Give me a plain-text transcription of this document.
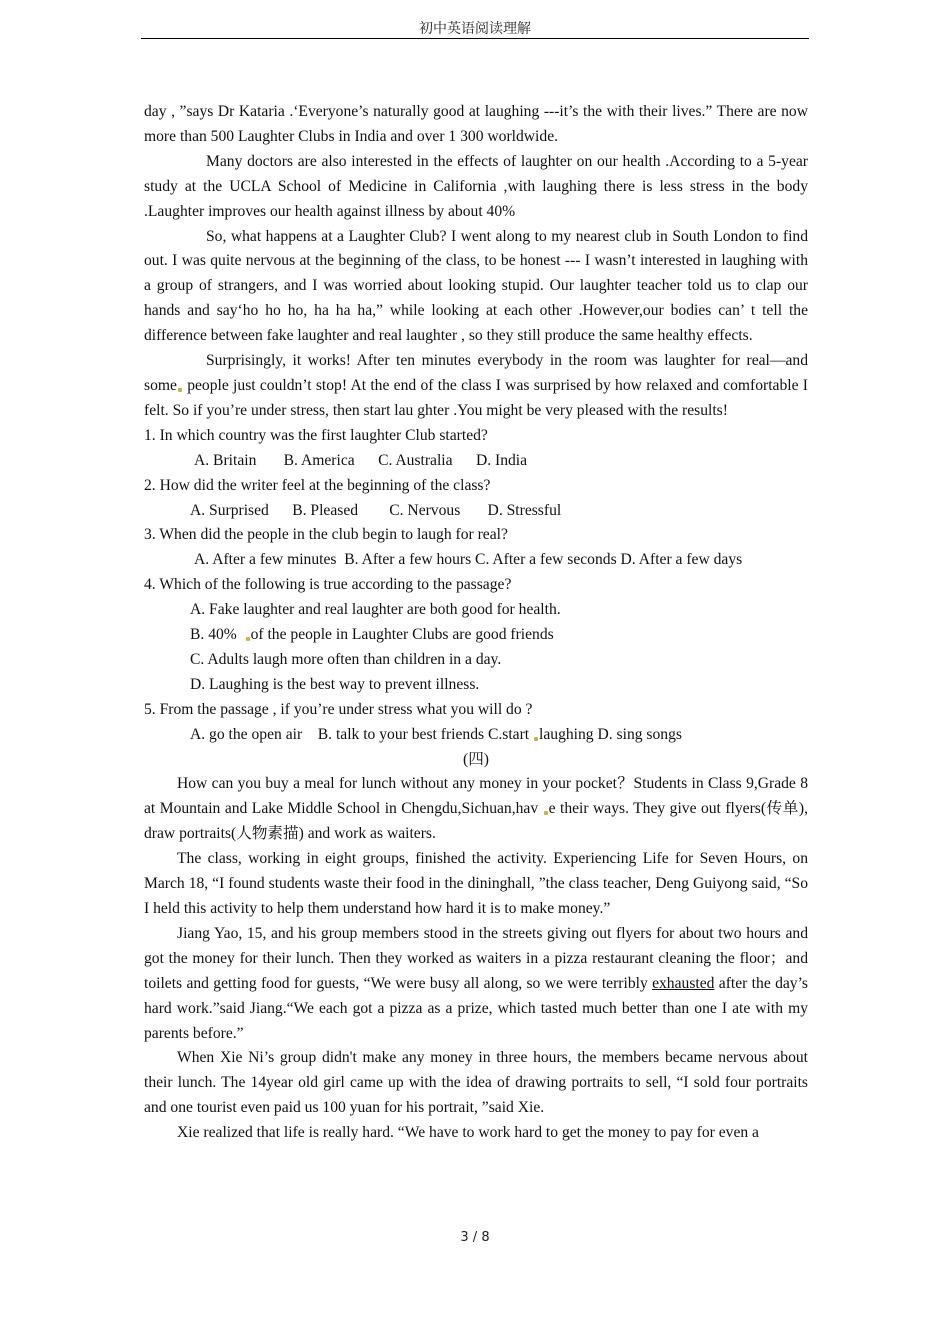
初中英语阅读理解

day , ”says Dr Kataria .‘Everyone’s naturally good at laughing ---it’s the with their lives.” There are now more than 500 Laughter Clubs in India and over 1 300 worldwide.

Many doctors are also interested in the effects of laughter on our health .According to a 5-year study at the UCLA School of Medicine in California ,with laughing there is less stress in the body .Laughter improves our health against illness by about 40%

So, what happens at a Laughter Club? I went along to my nearest club in South London to find out. I was quite nervous at the beginning of the class, to be honest --- I wasn’t interested in laughing with a group of strangers, and I was worried about looking stupid. Our laughter teacher told us to clap our hands and say‘ho ho ho, ha ha ha,” while looking at each other .However,our bodies can’ t tell the difference between fake laughter and real laughter , so they still produce the same healthy effects.

Surprisingly, it works! After ten minutes everybody in the room was laughter for real—and some people just couldn’t stop! At the end of the class I was surprised by how relaxed and comfortable I felt. So if you’re under stress, then start lau ghter .You might be very pleased with the results!

1. In which country was the first laughter Club started?

A. Britain       B. America      C. Australia      D. India

2. How did the writer feel at the beginning of the class?

A. Surprised      B. Pleased        C. Nervous       D. Stressful

3. When did the people in the club begin to laugh for real?

A. After a few minutes  B. After a few hours C. After a few seconds D. After a few days

4. Which of the following is true according to the passage?

A. Fake laughter and real laughter are both good for health.

B. 40%  of the people in Laughter Clubs are good friends

C. Adults laugh more often than children in a day.

D. Laughing is the best way to prevent illness.

5. From the passage , if you’re under stress what you will do ?

A. go the open air    B. talk to your best friends C.start laughing D. sing songs

(四)

How can you buy a meal for lunch without any money in your pocket？Students in Class 9,Grade 8 at Mountain and Lake Middle School in Chengdu,Sichuan,hav e their ways. They give out flyers(传单), draw portraits(人物素描) and work as waiters.

The class, working in eight groups, finished the activity. Experiencing Life for Seven Hours, on March 18, “I found students waste their food in the dininghall, ”the class teacher, Deng Guiyong said, “So I held this activity to help them understand how hard it is to make money.”

Jiang Yao, 15, and his group members stood in the streets giving out flyers for about two hours and got the money for their lunch. Then they worked as waiters in a pizza restaurant cleaning the floor；and toilets and getting food for guests, “We were busy all along, so we were terribly exhausted after the day’s hard work.”said Jiang.“We each got a pizza as a prize, which tasted much better than one I ate with my parents before.”

When Xie Ni’s group didn't make any money in three hours, the members became nervous about their lunch. The 14year old girl came up with the idea of drawing portraits to sell, “I sold four portraits and one tourist even paid us 100 yuan for his portrait, ”said Xie.

Xie realized that life is really hard. “We have to work hard to get the money to pay for even a

3 / 8
